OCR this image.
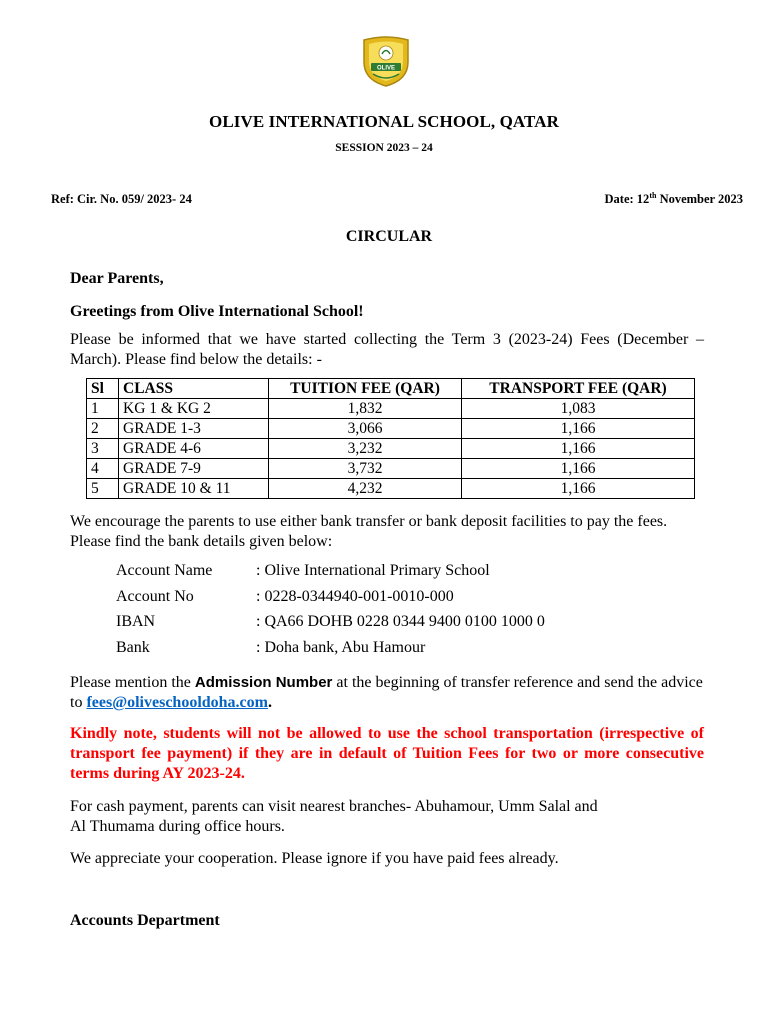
OLIVE
OLIVE INTERNATIONAL SCHOOL, QATAR
SESSION 2023 – 24
Ref: Cir. No. 059/ 2023- 24	Date: 12th November 2023
CIRCULAR
Dear Parents,
Greetings from Olive International School!
Please be informed that we have started collecting the Term 3 (2023-24) Fees (December – March). Please find below the details: -
Sl	CLASS	TUITION FEE (QAR)	TRANSPORT FEE (QAR)
1	KG 1 & KG 2	1,832	1,083
2	GRADE 1-3	3,066	1,166
3	GRADE 4-6	3,232	1,166
4	GRADE 7-9	3,732	1,166
5	GRADE 10 & 11	4,232	1,166
We encourage the parents to use either bank transfer or bank deposit facilities to pay the fees. Please find the bank details given below:
Account Name	: Olive International Primary School
Account No	: 0228-0344940-001-0010-000
IBAN	: QA66 DOHB 0228 0344 9400 0100 1000 0
Bank	: Doha bank, Abu Hamour
Please mention the Admission Number at the beginning of transfer reference and send the advice to fees@oliveschooldoha.com.
Kindly note, students will not be allowed to use the school transportation (irrespective of transport fee payment) if they are in default of Tuition Fees for two or more consecutive terms during AY 2023-24.
For cash payment, parents can visit nearest branches- Abuhamour, Umm Salal and
Al Thumama during office hours.
We appreciate your cooperation. Please ignore if you have paid fees already.
Accounts Department
